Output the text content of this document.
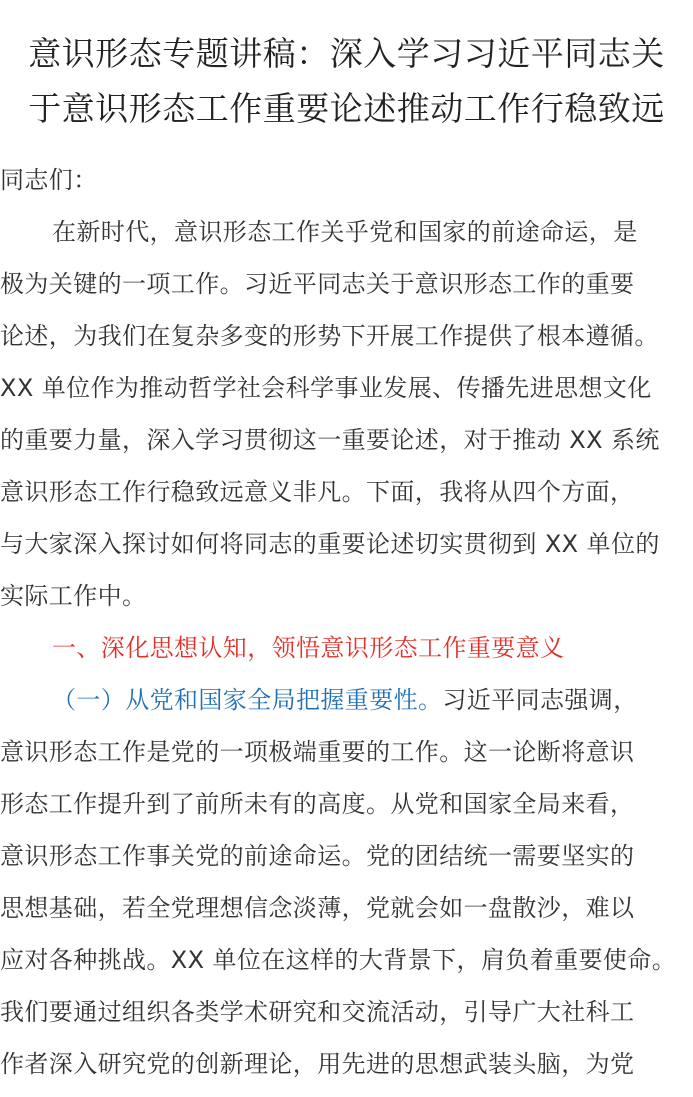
意识形态专题讲稿：深入学习习近平同志关
于意识形态工作重要论述推动工作行稳致远
同志们：
在新时代，意识形态工作关乎党和国家的前途命运，是
极为关键的一项工作。习近平同志关于意识形态工作的重要
论述，为我们在复杂多变的形势下开展工作提供了根本遵循。
XX 单位作为推动哲学社会科学事业发展、传播先进思想文化
的重要力量，深入学习贯彻这一重要论述，对于推动 XX 系统
意识形态工作行稳致远意义非凡。下面，我将从四个方面，
与大家深入探讨如何将同志的重要论述切实贯彻到 XX 单位的
实际工作中。
一、深化思想认知，领悟意识形态工作重要意义
（一）从党和国家全局把握重要性。习近平同志强调，
意识形态工作是党的一项极端重要的工作。这一论断将意识
形态工作提升到了前所未有的高度。从党和国家全局来看，
意识形态工作事关党的前途命运。党的团结统一需要坚实的
思想基础，若全党理想信念淡薄，党就会如一盘散沙，难以
应对各种挑战。XX 单位在这样的大背景下，肩负着重要使命。
我们要通过组织各类学术研究和交流活动，引导广大社科工
作者深入研究党的创新理论，用先进的思想武装头脑，为党
